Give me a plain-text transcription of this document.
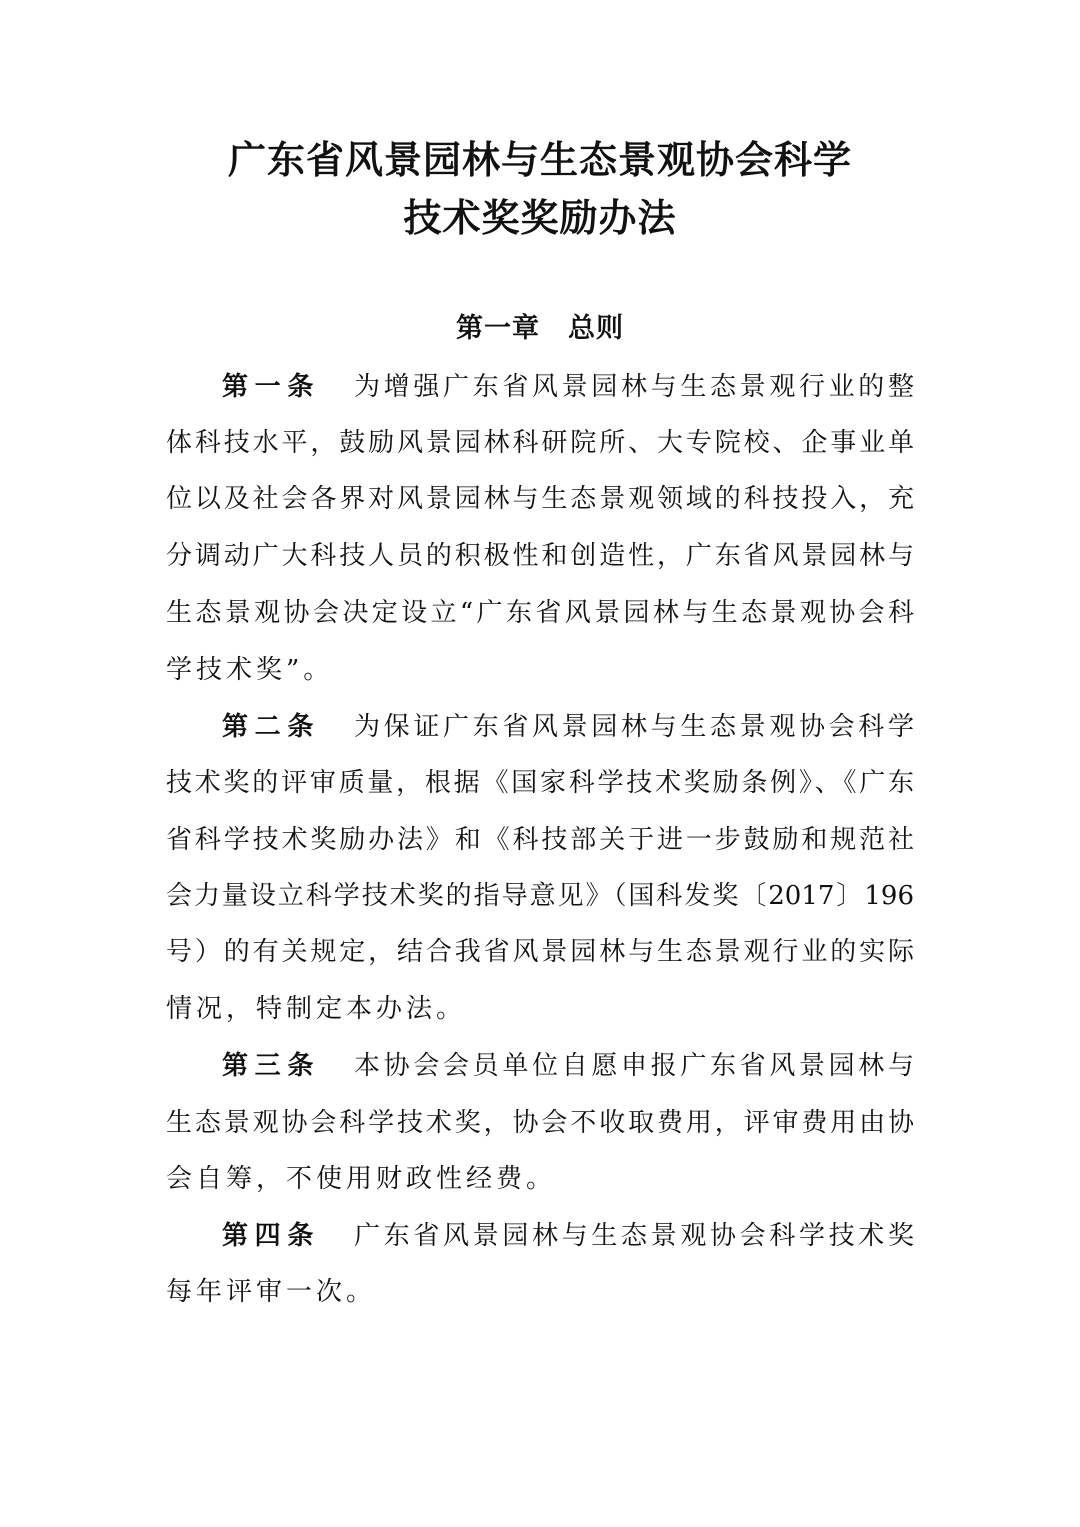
广东省风景园林与生态景观协会科学
技术奖奖励办法
第一章　总则
第一条 为增强广东省风景园林与生态景观行业的整
体科技水平，鼓励风景园林科研院所、大专院校、企事业单
位以及社会各界对风景园林与生态景观领域的科技投入，充
分调动广大科技人员的积极性和创造性，广东省风景园林与
生态景观协会决定设立“广东省风景园林与生态景观协会科
学技术奖”。
第二条 为保证广东省风景园林与生态景观协会科学
技术奖的评审质量，根据《国家科学技术奖励条例》、《广东
省科学技术奖励办法》和《科技部关于进一步鼓励和规范社
会力量设立科学技术奖的指导意见》（国科发奖〔2017〕196
号）的有关规定，结合我省风景园林与生态景观行业的实际
情况，特制定本办法。
第三条 本协会会员单位自愿申报广东省风景园林与
生态景观协会科学技术奖，协会不收取费用，评审费用由协
会自筹，不使用财政性经费。
第四条 广东省风景园林与生态景观协会科学技术奖
每年评审一次。
